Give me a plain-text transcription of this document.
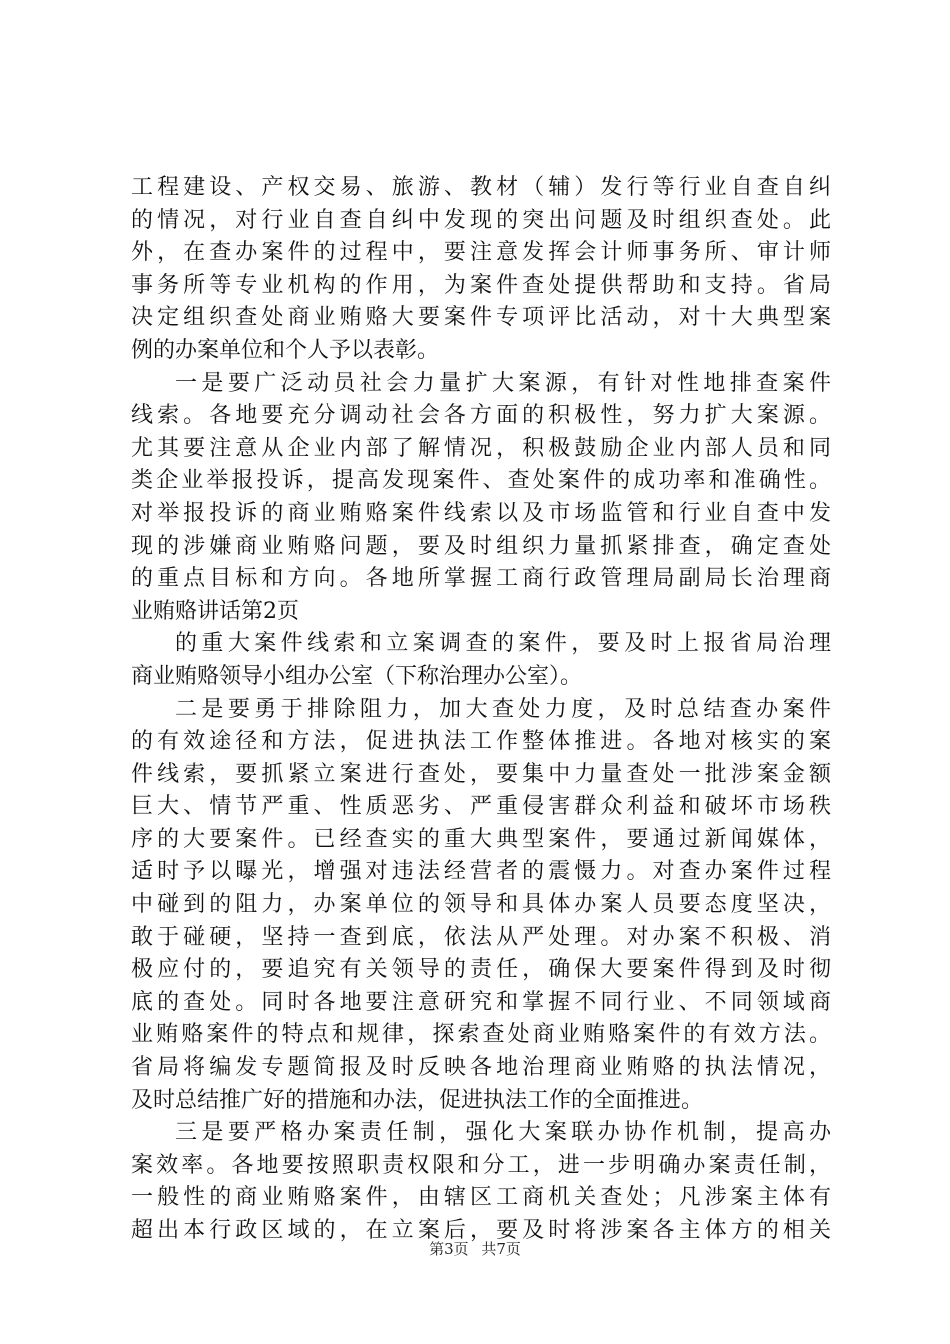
工程建设、产权交易、旅游、教材（辅）发行等行业自查自纠
的情况，对行业自查自纠中发现的突出问题及时组织查处。此
外，在查办案件的过程中，要注意发挥会计师事务所、审计师
事务所等专业机构的作用，为案件查处提供帮助和支持。省局
决定组织查处商业贿赂大要案件专项评比活动，对十大典型案
例的办案单位和个人予以表彰。
一是要广泛动员社会力量扩大案源，有针对性地排查案件
线索。各地要充分调动社会各方面的积极性，努力扩大案源。
尤其要注意从企业内部了解情况，积极鼓励企业内部人员和同
类企业举报投诉，提高发现案件、查处案件的成功率和准确性。
对举报投诉的商业贿赂案件线索以及市场监管和行业自查中发
现的涉嫌商业贿赂问题，要及时组织力量抓紧排查，确定查处
的重点目标和方向。各地所掌握工商行政管理局副局长治理商
业贿赂讲话第2页
的重大案件线索和立案调查的案件，要及时上报省局治理
商业贿赂领导小组办公室（下称治理办公室）。
二是要勇于排除阻力，加大查处力度，及时总结查办案件
的有效途径和方法，促进执法工作整体推进。各地对核实的案
件线索，要抓紧立案进行查处，要集中力量查处一批涉案金额
巨大、情节严重、性质恶劣、严重侵害群众利益和破坏市场秩
序的大要案件。已经查实的重大典型案件，要通过新闻媒体，
适时予以曝光，增强对违法经营者的震慑力。对查办案件过程
中碰到的阻力，办案单位的领导和具体办案人员要态度坚决，
敢于碰硬，坚持一查到底，依法从严处理。对办案不积极、消
极应付的，要追究有关领导的责任，确保大要案件得到及时彻
底的查处。同时各地要注意研究和掌握不同行业、不同领域商
业贿赂案件的特点和规律，探索查处商业贿赂案件的有效方法。
省局将编发专题简报及时反映各地治理商业贿赂的执法情况，
及时总结推广好的措施和办法，促进执法工作的全面推进。
三是要严格办案责任制，强化大案联办协作机制，提高办
案效率。各地要按照职责权限和分工，进一步明确办案责任制，
一般性的商业贿赂案件，由辖区工商机关查处；凡涉案主体有
超出本行政区域的，在立案后，要及时将涉案各主体方的相关
第3页 共7页
